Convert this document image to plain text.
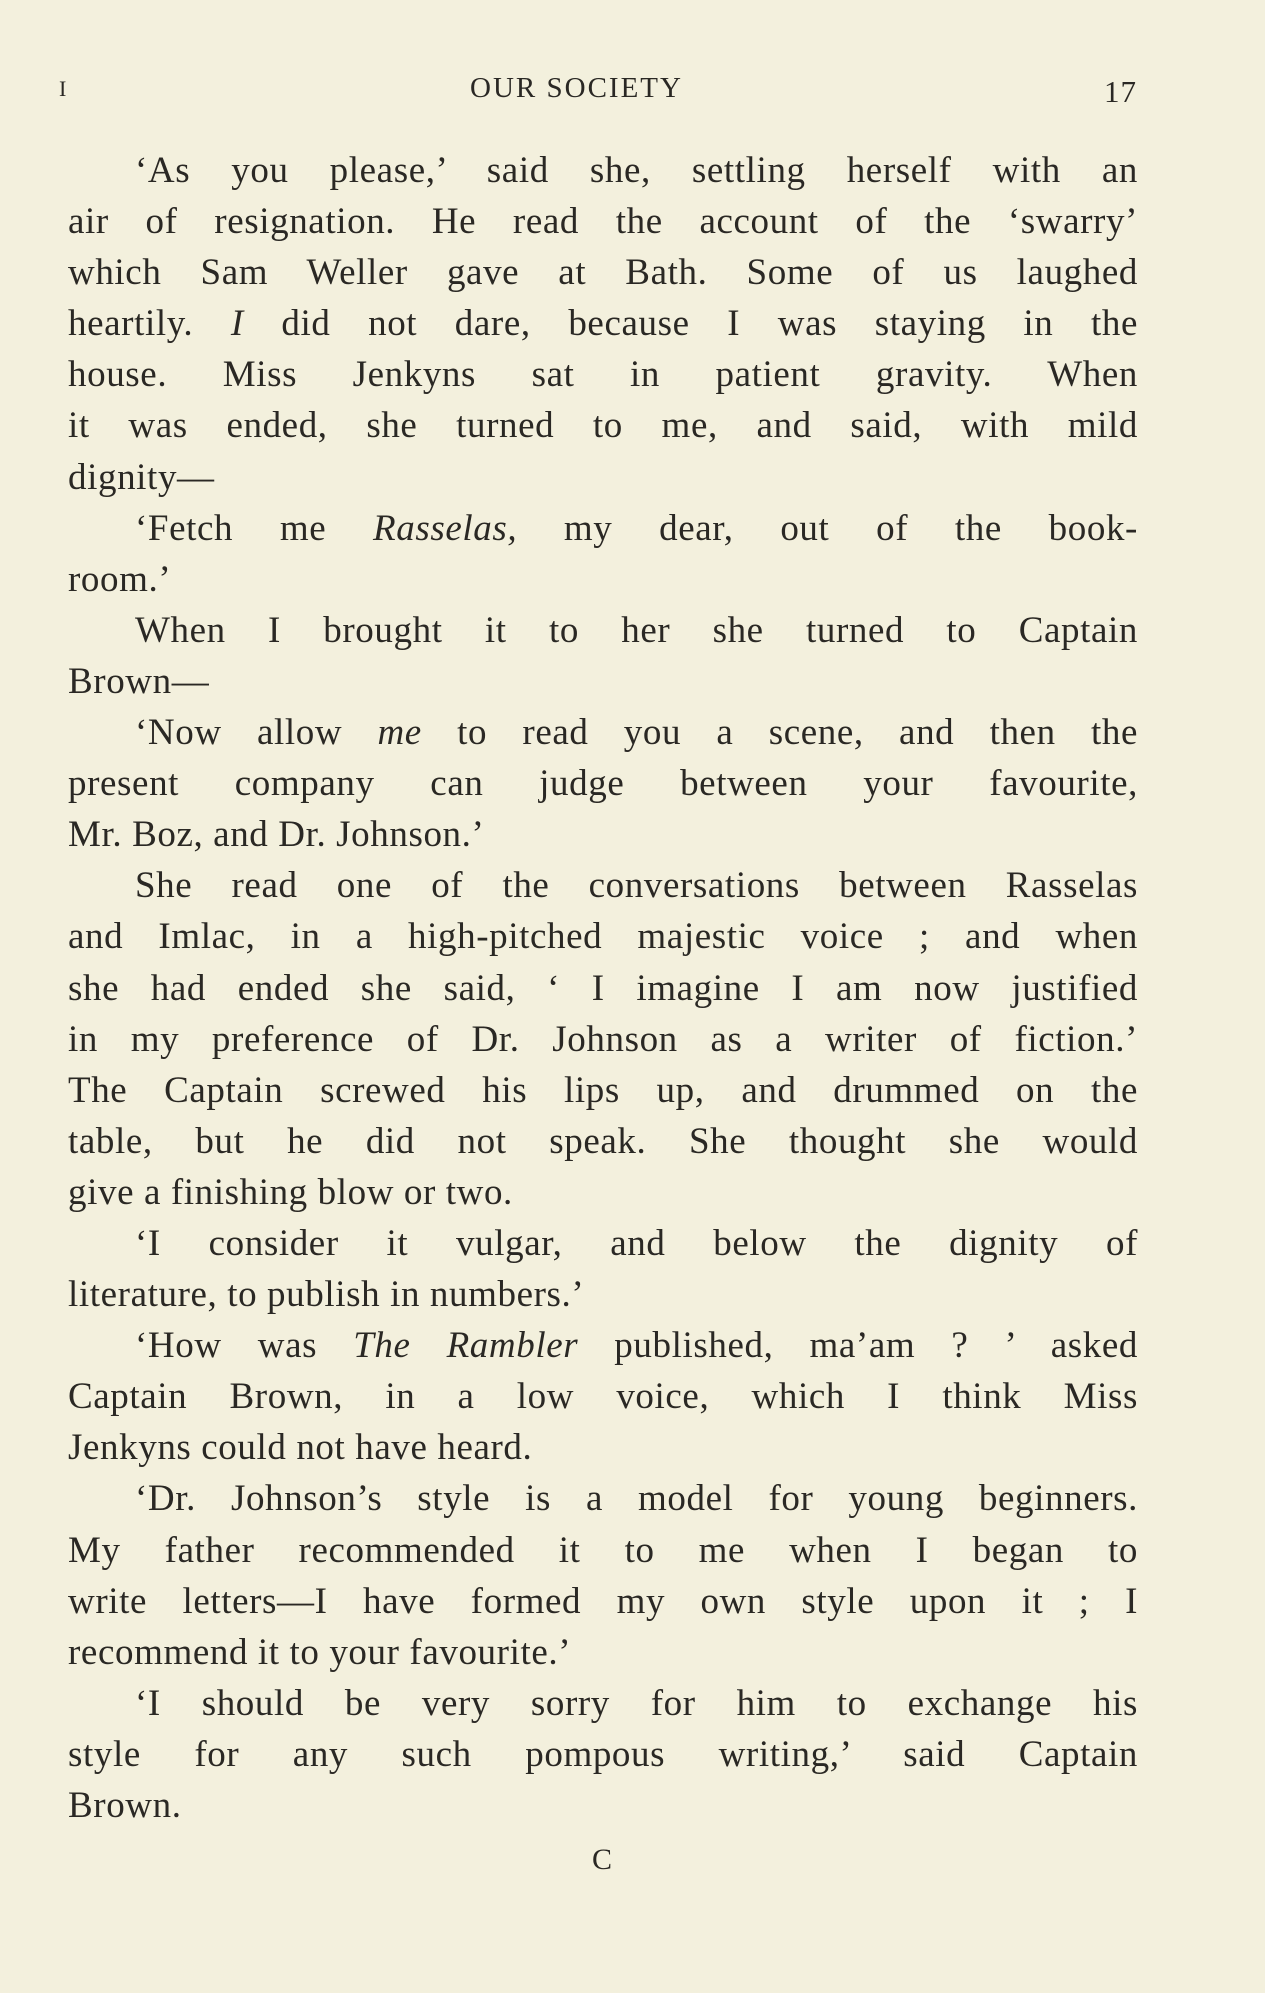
I	OUR SOCIETY	17
‘As you please,’ said she, settling herself with an
air of resignation. He read the account of the ‘swarry’
which Sam Weller gave at Bath. Some of us laughed
heartily. I did not dare, because I was staying in the
house. Miss Jenkyns sat in patient gravity. When
it was ended, she turned to me, and said, with mild
dignity—
‘Fetch me Rasselas, my dear, out of the book-
room.’
When I brought it to her she turned to Captain
Brown—
‘Now allow me to read you a scene, and then the
present company can judge between your favourite,
Mr. Boz, and Dr. Johnson.’
She read one of the conversations between Rasselas
and Imlac, in a high-pitched majestic voice ; and when
she had ended she said, ‘ I imagine I am now justified
in my preference of Dr. Johnson as a writer of fiction.’
The Captain screwed his lips up, and drummed on the
table, but he did not speak. She thought she would
give a finishing blow or two.
‘I consider it vulgar, and below the dignity of
literature, to publish in numbers.’
‘How was The Rambler published, ma’am ? ’ asked
Captain Brown, in a low voice, which I think Miss
Jenkyns could not have heard.
‘Dr. Johnson’s style is a model for young beginners.
My father recommended it to me when I began to
write letters—I have formed my own style upon it ; I
recommend it to your favourite.’
‘I should be very sorry for him to exchange his
style for any such pompous writing,’ said Captain
Brown.
C
